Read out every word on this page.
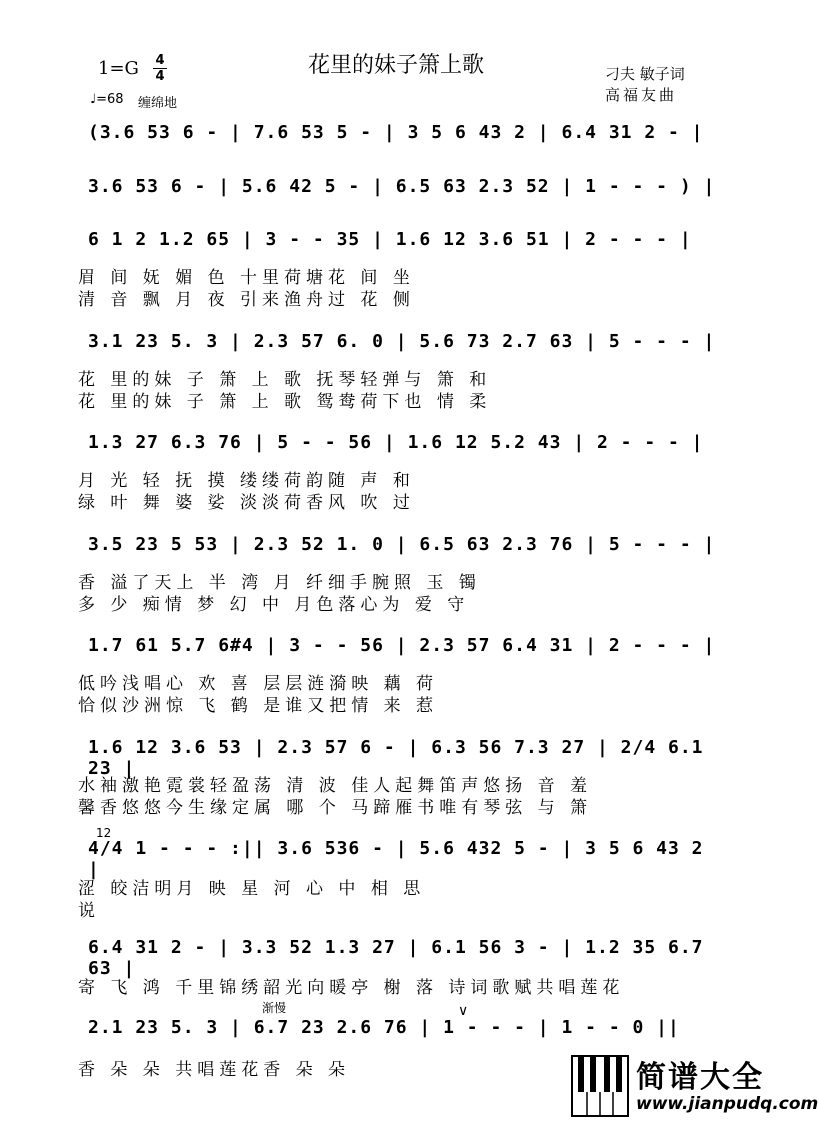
花里的妹子箫上歌
1=G 4
4
♩=68 缠绵地
刁夫 敏子词
高福友曲
(3.6 53 6 - | 7.6 53 5 - | 3 5 6 43 2 | 6.4 31 2 - |
3.6 53 6 - | 5.6 42 5 - | 6.5 63 2.3 52 | 1 - - - ) |
6 1 2 1.2 65 | 3 - - 35 | 1.6 12 3.6 51 | 2 - - - |
眉 间 妩 媚 色 十里荷塘花 间 坐
清 音 飘 月 夜 引来渔舟过 花 侧
3.1 23 5. 3 | 2.3 57 6. 0 | 5.6 73 2.7 63 | 5 - - - |
花 里的妹 子 箫 上 歌 抚琴轻弹与 箫 和
花 里的妹 子 箫 上 歌 鸳鸯荷下也 情 柔
1.3 27 6.3 76 | 5 - - 56 | 1.6 12 5.2 43 | 2 - - - |
月 光 轻 抚 摸 缕缕荷韵随 声 和
绿 叶 舞 婆 娑 淡淡荷香风 吹 过
3.5 23 5 53 | 2.3 52 1. 0 | 6.5 63 2.3 76 | 5 - - - |
香 溢了天上 半 湾 月 纤细手腕照 玉 镯
多 少 痴情 梦 幻 中 月色落心为 爱 守
1.7 61 5.7 6#4 | 3 - - 56 | 2.3 57 6.4 31 | 2 - - - |
低吟浅唱心 欢 喜 层层涟漪映 藕 荷
恰似沙洲惊 飞 鹤 是谁又把情 来 惹
1.6 12 3.6 53 | 2.3 57 6 - | 6.3 56 7.3 27 | 2/4 6.1 23 |
水袖激艳霓裳轻盈荡 清 波 佳人起舞笛声悠扬 音 羞
馨香悠悠今生缘定属 哪 个 马蹄雁书唯有琴弦 与 箫
4/4 1 - - - :|| 3.6 536 - | 5.6 432 5 - | 3 5 6 43 2 |
12
涩 皎洁明月 映 星 河 心 中 相 思
说
6.4 31 2 - | 3.3 52 1.3 27 | 6.1 56 3 - | 1.2 35 6.7 63 |
寄 飞 鸿 千里锦绣韶光向暖亭 榭 落 诗词歌赋共唱莲花
渐慢	∨
2.1 23 5. 3 | 6.7 23 2.6 76 | 1 - - - | 1 - - 0 ||
香 朵 朵 共唱莲花香 朵 朵	简谱大全
www.jianpudq.com
